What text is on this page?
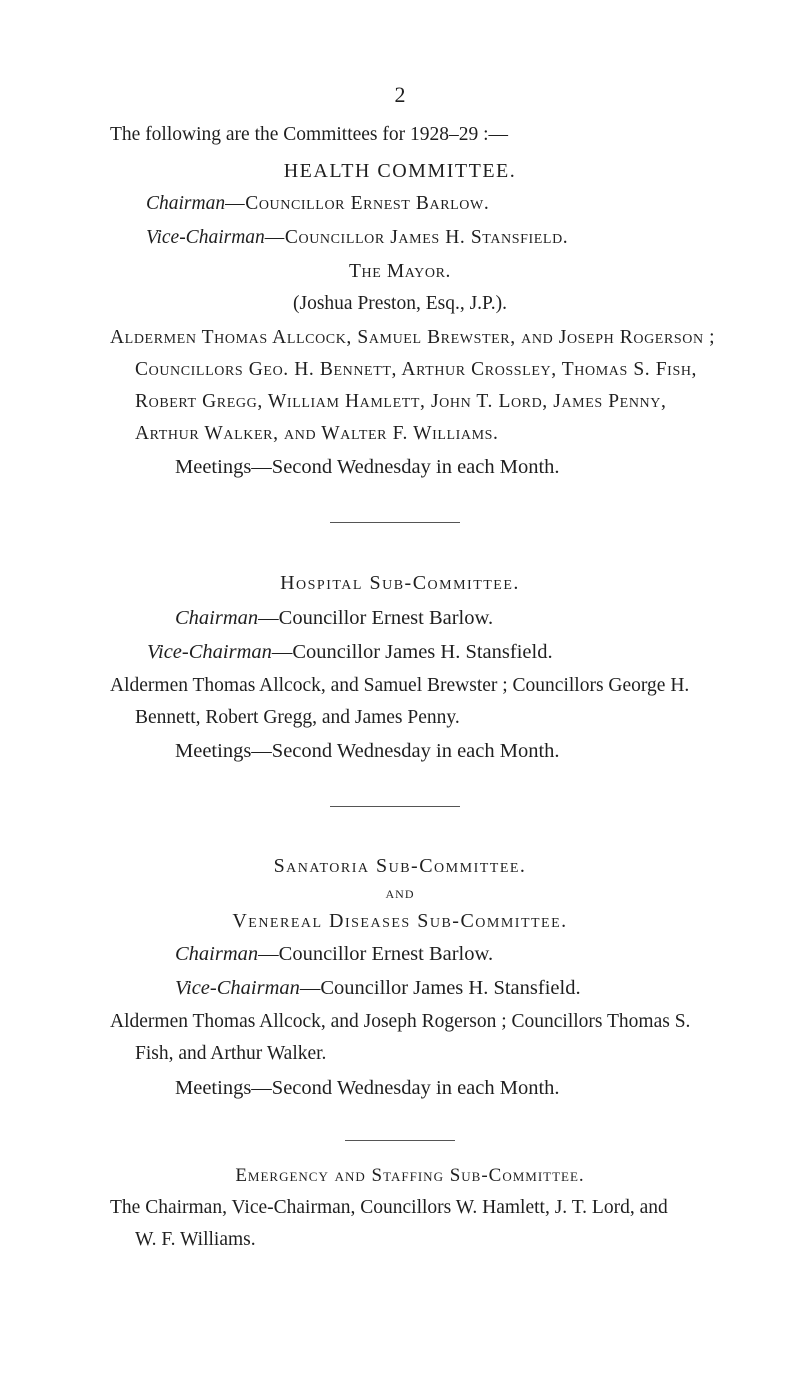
2
The following are the Committees for 1928–29 :—
HEALTH COMMITTEE.
Chairman—Councillor Ernest Barlow.
Vice-Chairman—Councillor James H. Stansfield.
The Mayor.
(Joshua Preston, Esq., J.P.).
Aldermen Thomas Allcock, Samuel Brewster, and Joseph Rogerson ;
Councillors Geo. H. Bennett, Arthur Crossley, Thomas S. Fish,
Robert Gregg, William Hamlett, John T. Lord, James Penny,
Arthur Walker, and Walter F. Williams.
Meetings—Second Wednesday in each Month.
Hospital Sub-Committee.
Chairman—Councillor Ernest Barlow.
Vice-Chairman—Councillor James H. Stansfield.
Aldermen Thomas Allcock, and Samuel Brewster ; Councillors George H.
Bennett, Robert Gregg, and James Penny.
Meetings—Second Wednesday in each Month.
Sanatoria Sub-Committee.
AND
Venereal Diseases Sub-Committee.
Chairman—Councillor Ernest Barlow.
Vice-Chairman—Councillor James H. Stansfield.
Aldermen Thomas Allcock, and Joseph Rogerson ; Councillors Thomas S.
Fish, and Arthur Walker.
Meetings—Second Wednesday in each Month.
Emergency and Staffing Sub-Committee.
The Chairman, Vice-Chairman, Councillors W. Hamlett, J. T. Lord, and
W. F. Williams.
